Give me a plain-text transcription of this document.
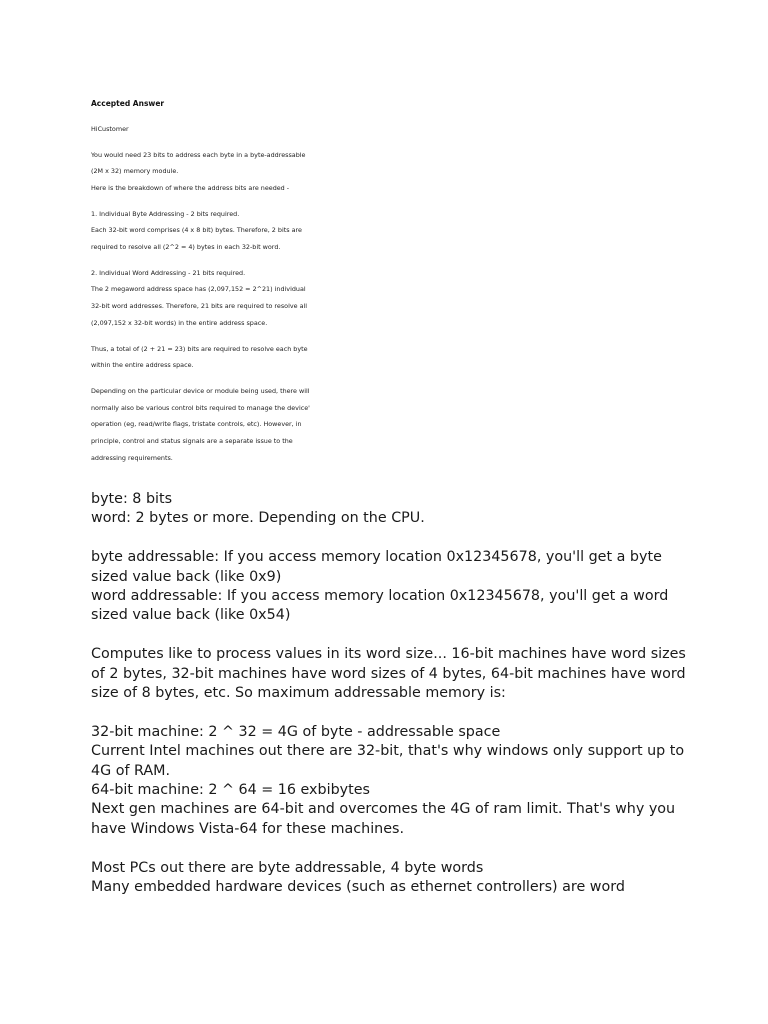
Accepted Answer

HiCustomer

You would need 23 bits to address each byte in a byte-addressable

(2M x 32) memory module.

Here is the breakdown of where the address bits are needed -

1. Individual Byte Addressing - 2 bits required.

Each 32-bit word comprises (4 x 8 bit) bytes. Therefore, 2 bits are

required to resolve all (2^2 = 4) bytes in each 32-bit word.

2. Individual Word Addressing - 21 bits required.

The 2 megaword address space has (2,097,152 = 2^21) individual

32-bit word addresses. Therefore, 21 bits are required to resolve all

(2,097,152 x 32-bit words) in the entire address space.

Thus, a total of (2 + 21 = 23) bits are required to resolve each byte

within the entire address space.

Depending on the particular device or module being used, there will

normally also be various control bits required to manage the device'

operation (eg, read/write flags, tristate controls, etc). However, in

principle, control and status signals are a separate issue to the

addressing requirements.

byte: 8 bits

word: 2 bytes or more. Depending on the CPU.

byte addressable: If you access memory location 0x12345678, you'll get a byte

sized value back (like 0x9)

word addressable: If you access memory location 0x12345678, you'll get a word

sized value back (like 0x54)

Computes like to process values in its word size... 16-bit machines have word sizes

of 2 bytes, 32-bit machines have word sizes of 4 bytes, 64-bit machines have word

size of 8 bytes, etc. So maximum addressable memory is:

32-bit machine: 2 ^ 32 = 4G of byte - addressable space

Current Intel machines out there are 32-bit, that's why windows only support up to

4G of RAM.

64-bit machine: 2 ^ 64 = 16 exbibytes

Next gen machines are 64-bit and overcomes the 4G of ram limit. That's why you

have Windows Vista-64 for these machines.

Most PCs out there are byte addressable, 4 byte words

Many embedded hardware devices (such as ethernet controllers) are word
